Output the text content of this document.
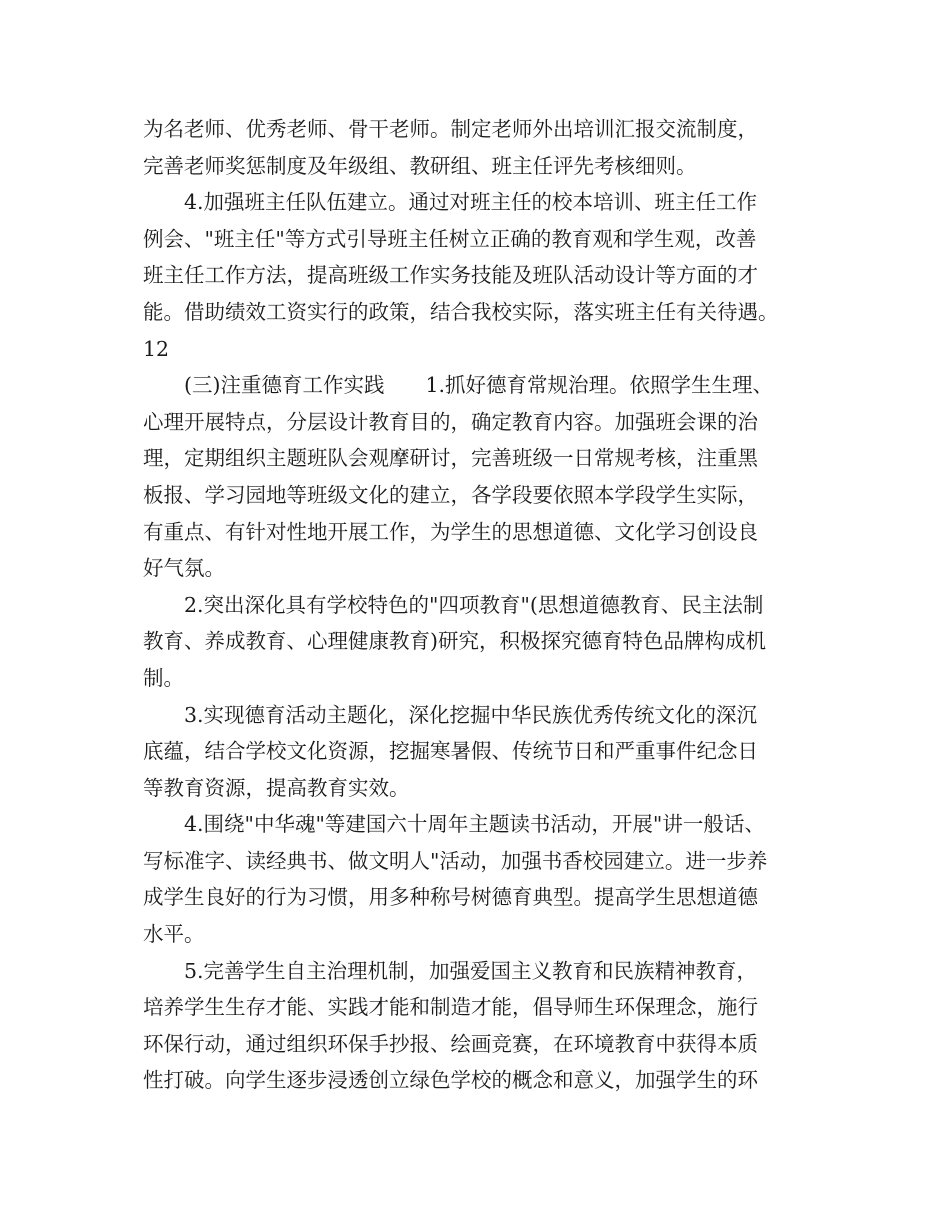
为名老师、优秀老师、骨干老师。制定老师外出培训汇报交流制度，
完善老师奖惩制度及年级组、教研组、班主任评先考核细则。
4.加强班主任队伍建立。通过对班主任的校本培训、班主任工作
例会、"班主任"等方式引导班主任树立正确的教育观和学生观，改善
班主任工作方法，提高班级工作实务技能及班队活动设计等方面的才
能。借助绩效工资实行的政策，结合我校实际，落实班主任有关待遇。
12
(三)注重德育工作实践　　1.抓好德育常规治理。依照学生生理、
心理开展特点，分层设计教育目的，确定教育内容。加强班会课的治
理，定期组织主题班队会观摩研讨，完善班级一日常规考核，注重黑
板报、学习园地等班级文化的建立，各学段要依照本学段学生实际，
有重点、有针对性地开展工作，为学生的思想道德、文化学习创设良
好气氛。
2.突出深化具有学校特色的"四项教育"(思想道德教育、民主法制
教育、养成教育、心理健康教育)研究，积极探究德育特色品牌构成机
制。
3.实现德育活动主题化，深化挖掘中华民族优秀传统文化的深沉
底蕴，结合学校文化资源，挖掘寒暑假、传统节日和严重事件纪念日
等教育资源，提高教育实效。
4.围绕"中华魂"等建国六十周年主题读书活动，开展"讲一般话、
写标准字、读经典书、做文明人"活动，加强书香校园建立。进一步养
成学生良好的行为习惯，用多种称号树德育典型。提高学生思想道德
水平。
5.完善学生自主治理机制，加强爱国主义教育和民族精神教育，
培养学生生存才能、实践才能和制造才能，倡导师生环保理念，施行
环保行动，通过组织环保手抄报、绘画竞赛，在环境教育中获得本质
性打破。向学生逐步浸透创立绿色学校的概念和意义，加强学生的环
